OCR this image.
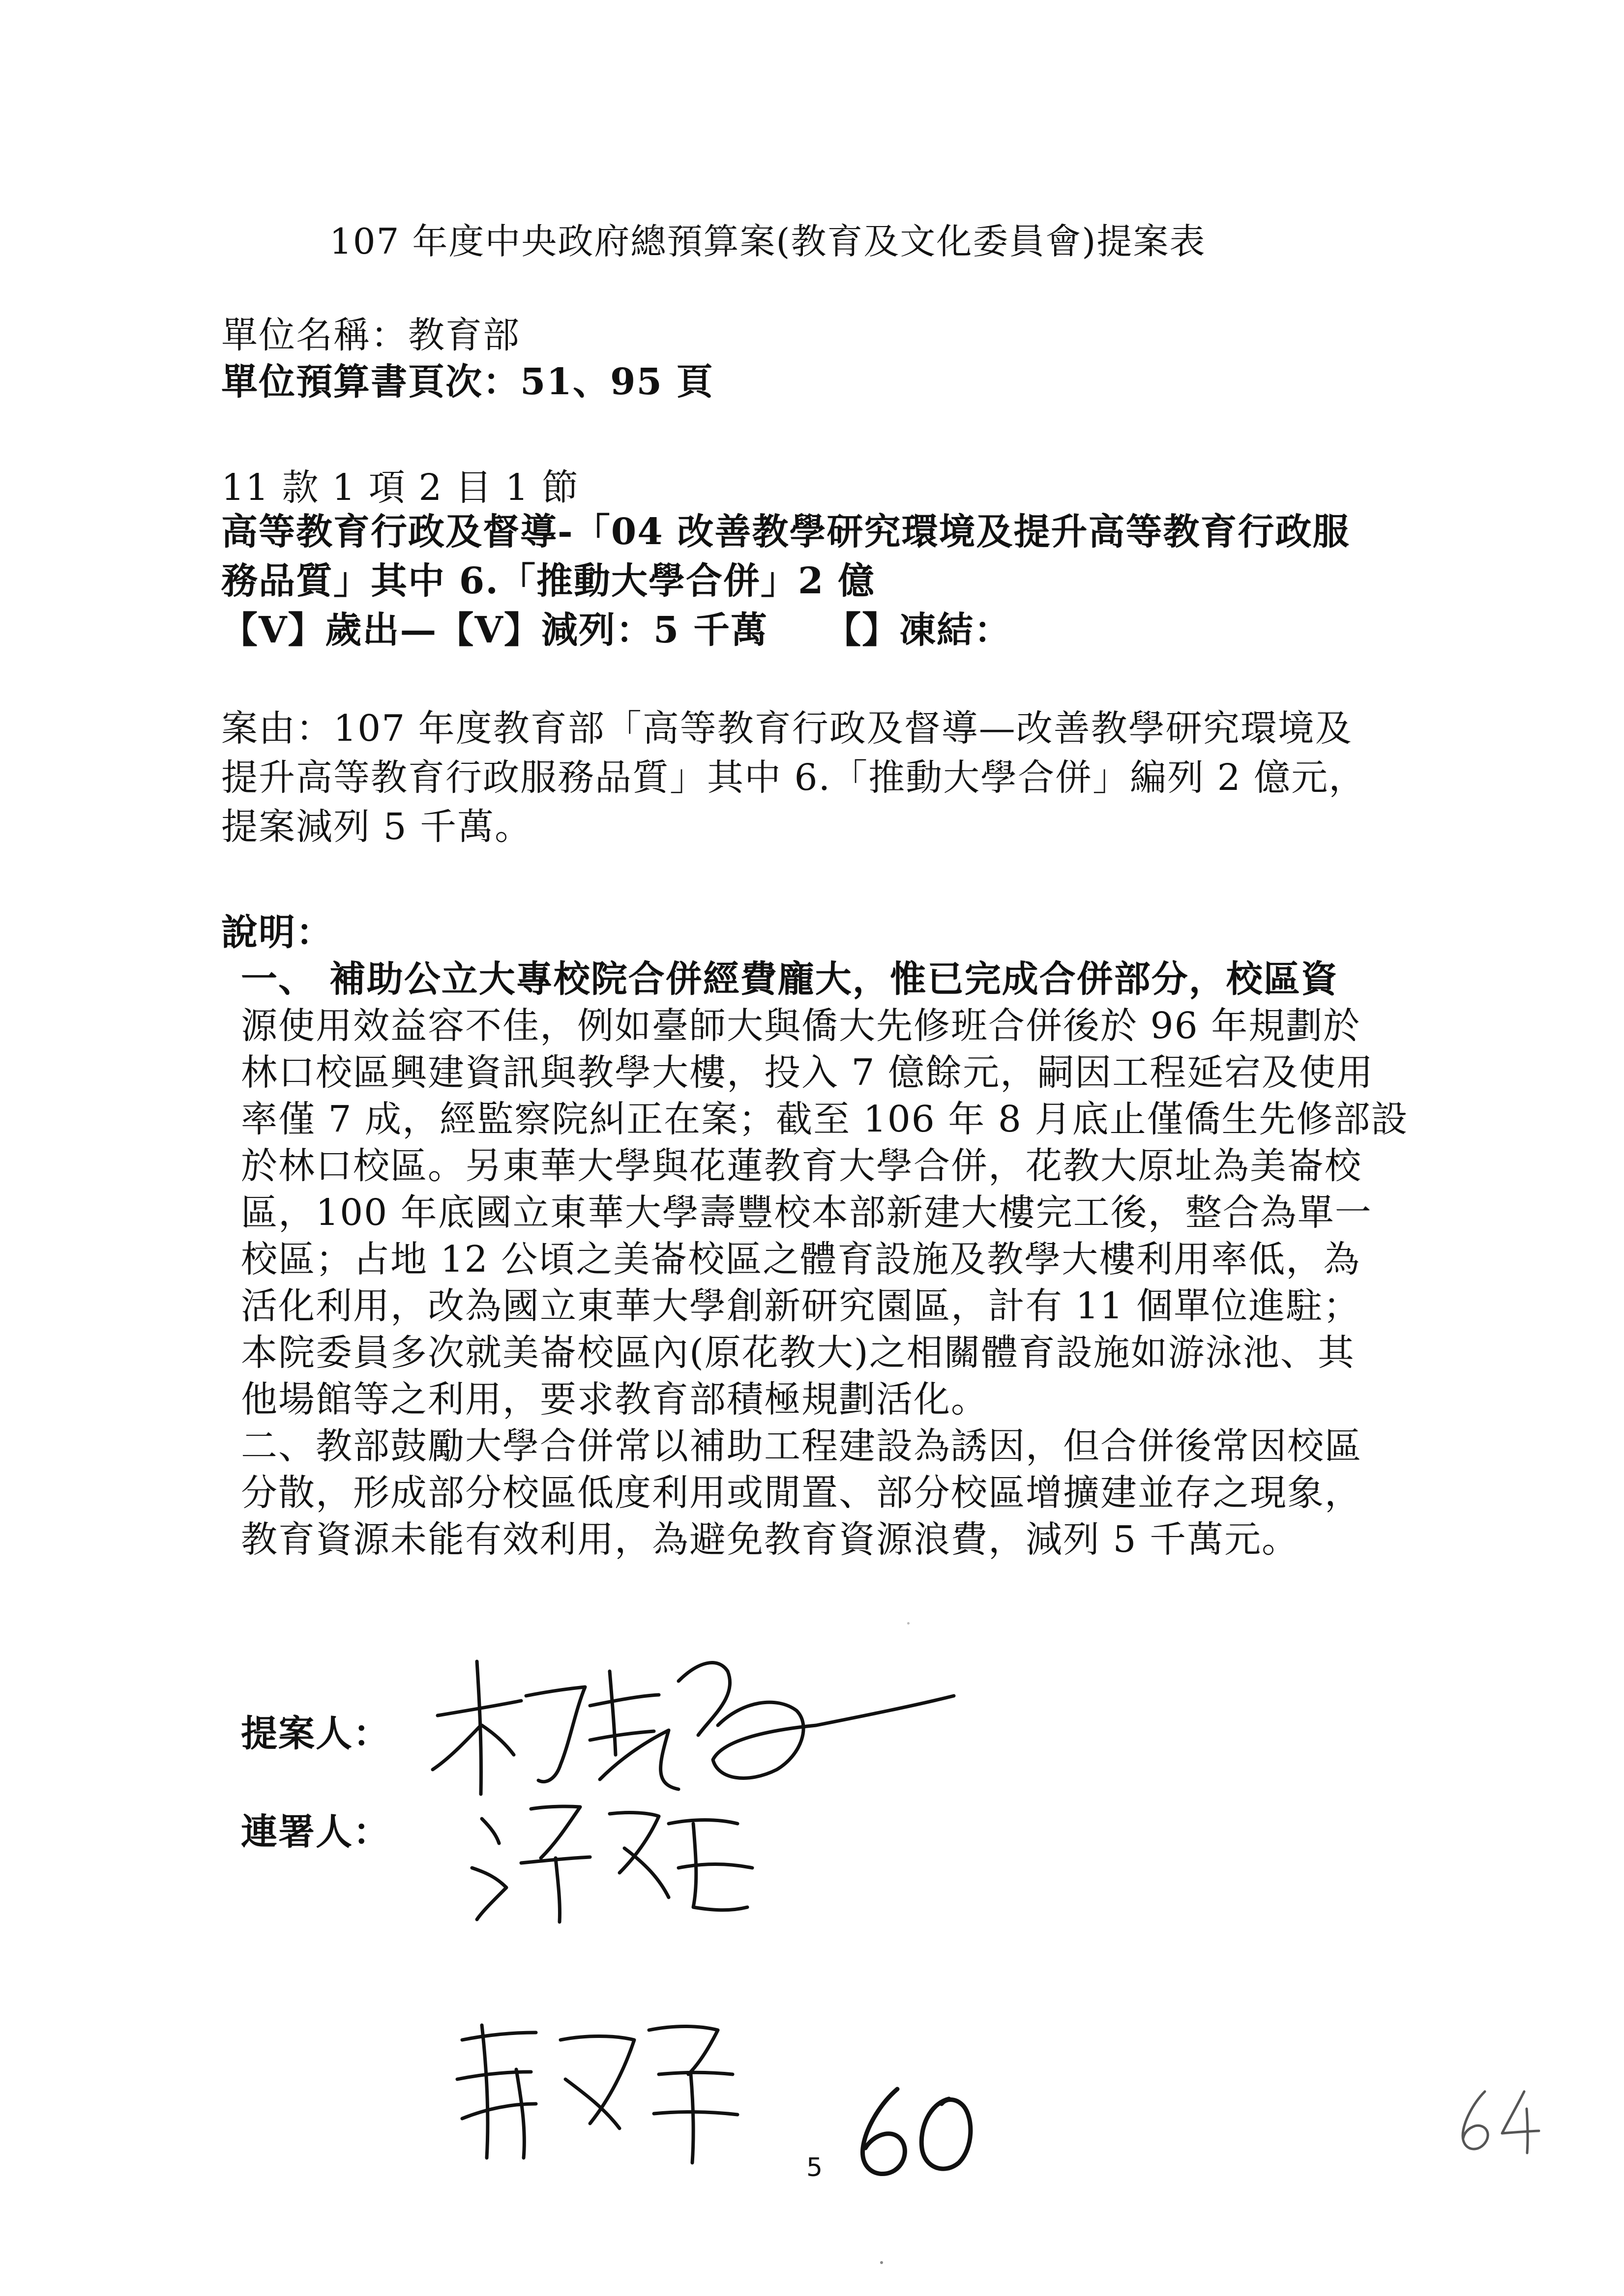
107 年度中央政府總預算案(教育及文化委員會)提案表
單位名稱：教育部
單位預算書頁次：51、95 頁
11 款 1 項 2 目 1 節
高等教育行政及督導-「04 改善教學研究環境及提升高等教育行政服
務品質」其中 6.「推動大學合併」2 億
【V】歲出—【V】減列：5 千萬　　【】凍結：
案由：107 年度教育部「高等教育行政及督導—改善教學研究環境及
提升高等教育行政服務品質」其中 6.「推動大學合併」編列 2 億元，
提案減列 5 千萬。
說明：
一、 補助公立大專校院合併經費龐大，惟已完成合併部分，校區資
源使用效益容不佳，例如臺師大與僑大先修班合併後於 96 年規劃於
林口校區興建資訊與教學大樓，投入 7 億餘元，嗣因工程延宕及使用
率僅 7 成，經監察院糾正在案；截至 106 年 8 月底止僅僑生先修部設
於林口校區。另東華大學與花蓮教育大學合併，花教大原址為美崙校
區，100 年底國立東華大學壽豐校本部新建大樓完工後，整合為單一
校區；占地 12 公頃之美崙校區之體育設施及教學大樓利用率低，為
活化利用，改為國立東華大學創新研究園區，計有 11 個單位進駐；
本院委員多次就美崙校區內(原花教大)之相關體育設施如游泳池、其
他場館等之利用，要求教育部積極規劃活化。
二、教部鼓勵大學合併常以補助工程建設為誘因，但合併後常因校區
分散，形成部分校區低度利用或閒置、部分校區增擴建並存之現象，
教育資源未能有效利用，為避免教育資源浪費，減列 5 千萬元。
提案人：
連署人：
5
